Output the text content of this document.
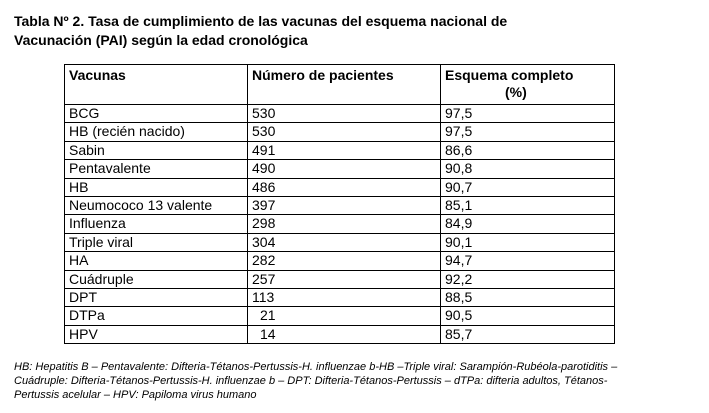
Tabla Nº 2. Tasa de cumplimiento de las vacunas del esquema nacional de
Vacunación (PAI) según la edad cronológica
Vacunas	Número de pacientes	Esquema completo
(%)

BCG	530	97,5
HB (recién nacido)	530	97,5
Sabin	491	86,6
Pentavalente	490	90,8
HB	486	90,7
Neumococo 13 valente	397	85,1
Influenza	298	84,9
Triple viral	304	90,1
HA	282	94,7
Cuádruple	257	92,2
DPT	113	88,5
DTPa	21	90,5
HPV	14	85,7
HB: Hepatitis B – Pentavalente: Difteria-Tétanos-Pertussis-H. influenzae b-HB –Triple viral: Sarampión-Rubéola-parotiditis –
Cuádruple: Difteria-Tétanos-Pertussis-H. influenzae b – DPT: Difteria-Tétanos-Pertussis – dTPa: difteria adultos, Tétanos-
Pertussis acelular – HPV: Papiloma virus humano
